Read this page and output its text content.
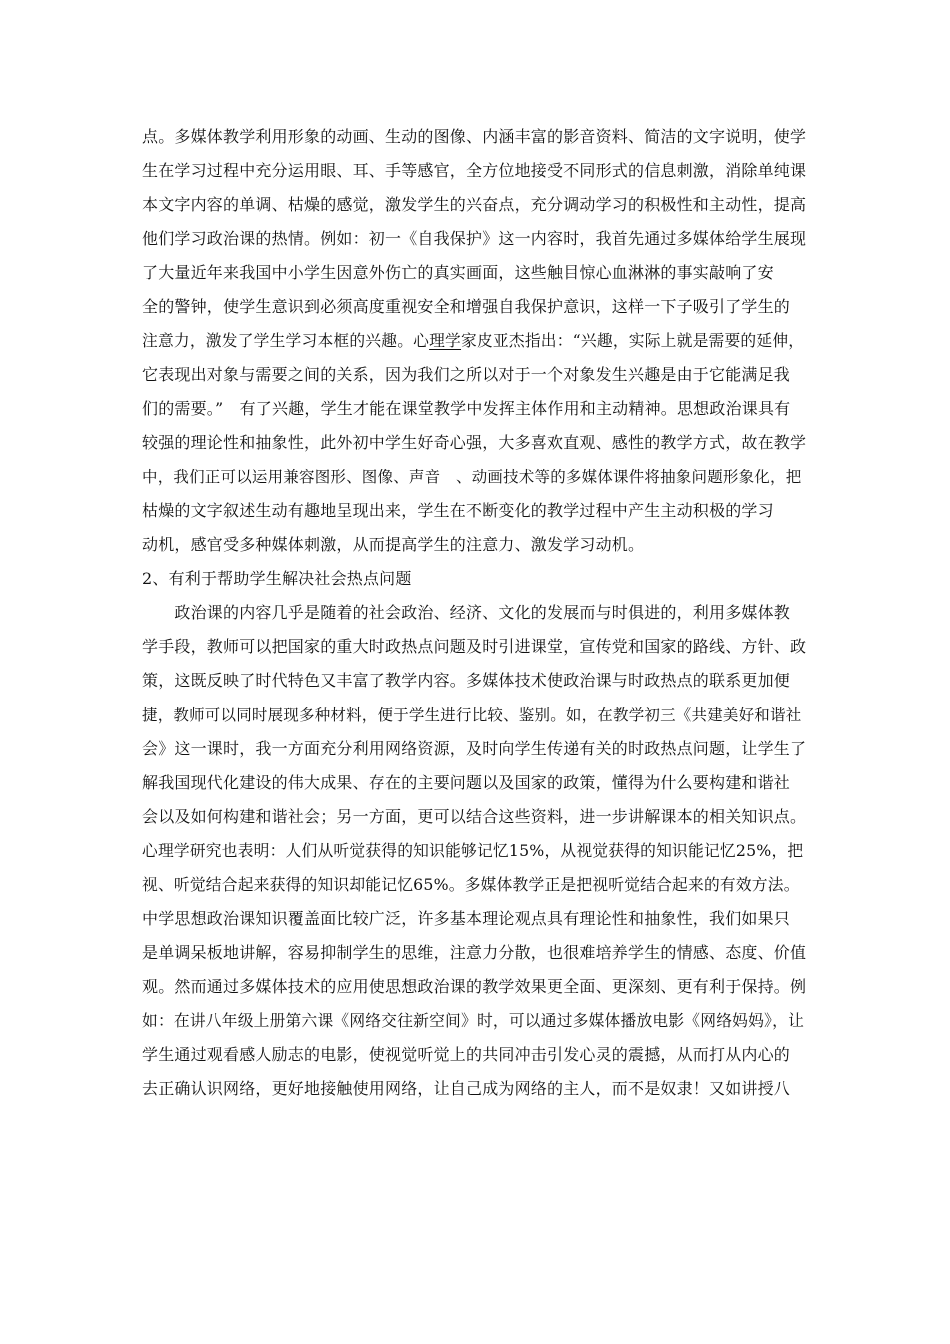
点。多媒体教学利用形象的动画、生动的图像、内涵丰富的影音资料、简洁的文字说明，使学
生在学习过程中充分运用眼、耳、手等感官，全方位地接受不同形式的信息刺激，消除单纯课
本文字内容的单调、枯燥的感觉，激发学生的兴奋点，充分调动学习的积极性和主动性，提高
他们学习政治课的热情。例如：初一《自我保护》这一内容时，我首先通过多媒体给学生展现
了大量近年来我国中小学生因意外伤亡的真实画面，这些触目惊心血淋淋的事实敲响了安
全的警钟，使学生意识到必须高度重视安全和增强自我保护意识，这样一下子吸引了学生的
注意力，激发了学生学习本框的兴趣。心理学家皮亚杰指出：“兴趣，实际上就是需要的延伸，
它表现出对象与需要之间的关系，因为我们之所以对于一个对象发生兴趣是由于它能满足我
们的需要。”　有了兴趣，学生才能在课堂教学中发挥主体作用和主动精神。思想政治课具有
较强的理论性和抽象性，此外初中学生好奇心强，大多喜欢直观、感性的教学方式，故在教学
中，我们正可以运用兼容图形、图像、声音　、动画技术等的多媒体课件将抽象问题形象化，把
枯燥的文字叙述生动有趣地呈现出来，学生在不断变化的教学过程中产生主动积极的学习
动机，感官受多种媒体刺激，从而提高学生的注意力、激发学习动机。
2、有利于帮助学生解决社会热点问题
　　政治课的内容几乎是随着的社会政治、经济、文化的发展而与时俱进的，利用多媒体教
学手段，教师可以把国家的重大时政热点问题及时引进课堂，宣传党和国家的路线、方针、政
策，这既反映了时代特色又丰富了教学内容。多媒体技术使政治课与时政热点的联系更加便
捷，教师可以同时展现多种材料，便于学生进行比较、鉴别。如，在教学初三《共建美好和谐社
会》这一课时，我一方面充分利用网络资源，及时向学生传递有关的时政热点问题，让学生了
解我国现代化建设的伟大成果、存在的主要问题以及国家的政策，懂得为什么要构建和谐社
会以及如何构建和谐社会；另一方面，更可以结合这些资料，进一步讲解课本的相关知识点。
心理学研究也表明：人们从听觉获得的知识能够记忆15%，从视觉获得的知识能记忆25%，把
视、听觉结合起来获得的知识却能记忆65%。多媒体教学正是把视听觉结合起来的有效方法。
中学思想政治课知识覆盖面比较广泛，许多基本理论观点具有理论性和抽象性，我们如果只
是单调呆板地讲解，容易抑制学生的思维，注意力分散，也很难培养学生的情感、态度、价值
观。然而通过多媒体技术的应用使思想政治课的教学效果更全面、更深刻、更有利于保持。例
如：在讲八年级上册第六课《网络交往新空间》时，可以通过多媒体播放电影《网络妈妈》，让
学生通过观看感人励志的电影，使视觉听觉上的共同冲击引发心灵的震撼，从而打从内心的
去正确认识网络，更好地接触使用网络，让自己成为网络的主人，而不是奴隶！又如讲授八
